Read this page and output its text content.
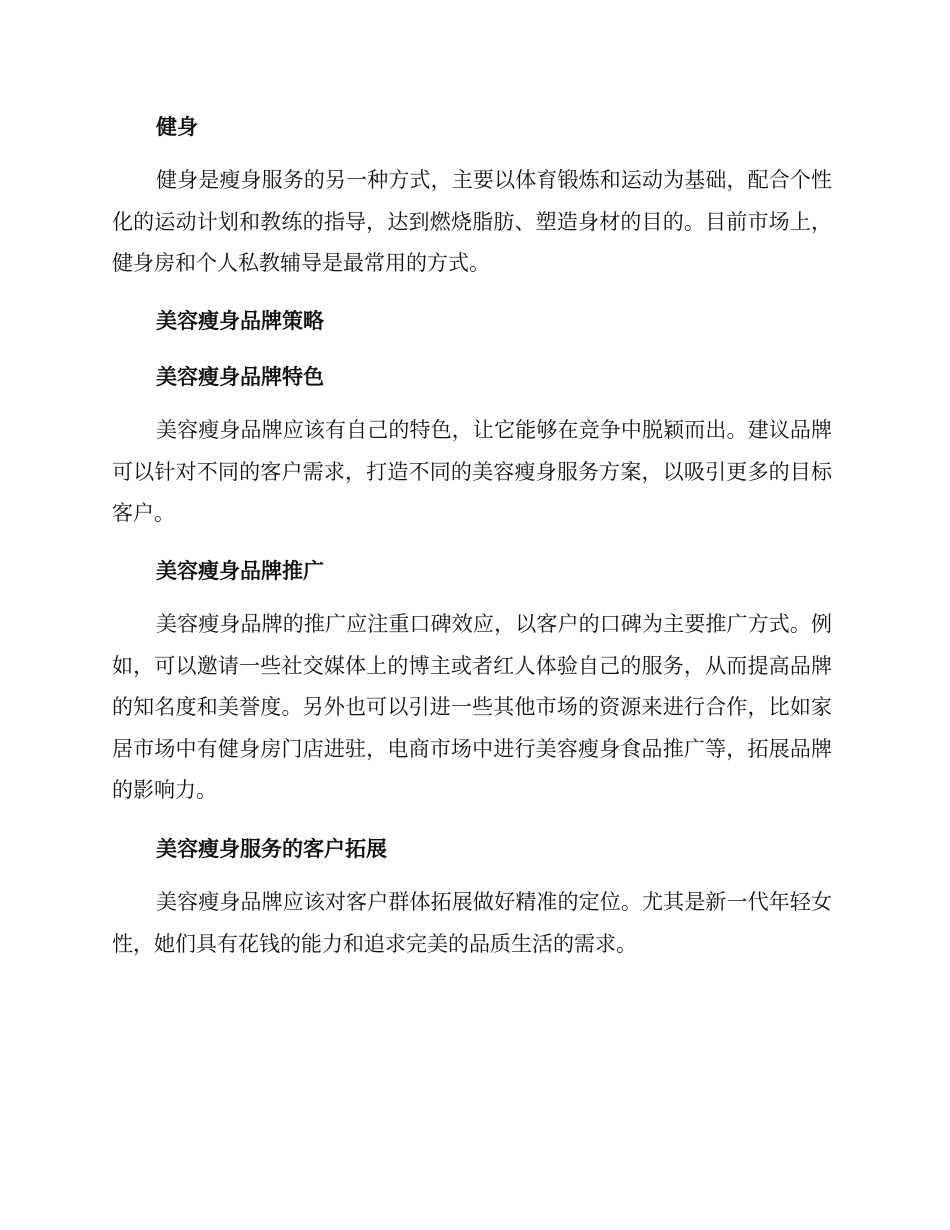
健身

健身是瘦身服务的另一种方式，主要以体育锻炼和运动为基础，配合个性化的运动计划和教练的指导，达到燃烧脂肪、塑造身材的目的。目前市场上，健身房和个人私教辅导是最常用的方式。

美容瘦身品牌策略
美容瘦身品牌特色

美容瘦身品牌应该有自己的特色，让它能够在竞争中脱颖而出。建议品牌可以针对不同的客户需求，打造不同的美容瘦身服务方案，以吸引更多的目标客户。

美容瘦身品牌推广

美容瘦身品牌的推广应注重口碑效应，以客户的口碑为主要推广方式。例如，可以邀请一些社交媒体上的博主或者红人体验自己的服务，从而提高品牌的知名度和美誉度。另外也可以引进一些其他市场的资源来进行合作，比如家居市场中有健身房门店进驻，电商市场中进行美容瘦身食品推广等，拓展品牌的影响力。

美容瘦身服务的客户拓展

美容瘦身品牌应该对客户群体拓展做好精准的定位。尤其是新一代年轻女性，她们具有花钱的能力和追求完美的品质生活的需求。
